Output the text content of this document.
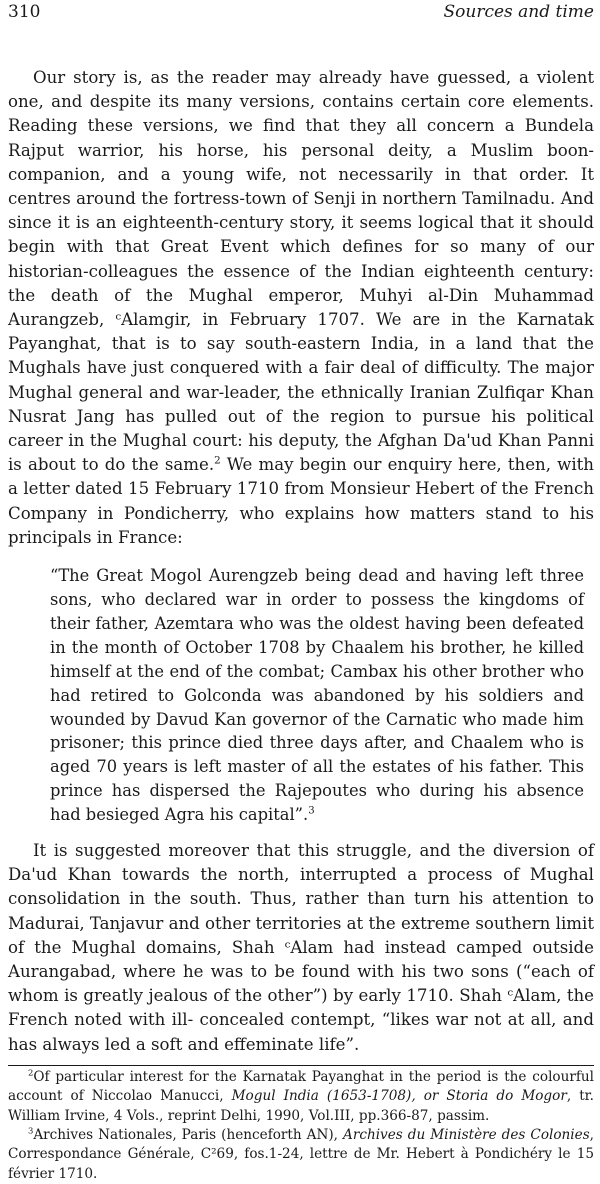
310	Sources and time

Our story is, as the reader may already have guessed, a violent one, and despite its many versions, contains certain core elements. Reading these versions, we find that they all concern a Bundela Rajput warrior, his horse, his personal deity, a Muslim boon-companion, and a young wife, not necessarily in that order. It centres around the fortress-town of Senji in northern Tamilnadu. And since it is an eighteenth-century story, it seems logical that it should begin with that Great Event which defines for so many of our historian-colleagues the essence of the Indian eighteenth century: the death of the Mughal emperor, Muhyi al-Din Muhammad Aurangzeb, ᶜAlamgir, in February 1707. We are in the Karnatak Payanghat, that is to say south-eastern India, in a land that the Mughals have just conquered with a fair deal of difficulty. The major Mughal general and war-leader, the ethnically Iranian Zulfiqar Khan Nusrat Jang has pulled out of the region to pursue his political career in the Mughal court: his deputy, the Afghan Da'ud Khan Panni is about to do the same.$^2$ We may begin our enquiry here, then, with a letter dated 15 February 1710 from Monsieur Hebert of the French Company in Pondicherry, who explains how matters stand to his principals in France:

“The Great Mogol Aurengzeb being dead and having left three sons, who declared war in order to possess the kingdoms of their father, Azemtara who was the oldest having been defeated in the month of October 1708 by Chaalem his brother, he killed himself at the end of the combat; Cambax his other brother who had retired to Golconda was abandoned by his soldiers and wounded by Davud Kan governor of the Carnatic who made him prisoner; this prince died three days after, and Chaalem who is aged 70 years is left master of all the estates of his father. This prince has dispersed the Rajepoutes who during his absence had besieged Agra his capital”.$^3$

It is suggested moreover that this struggle, and the diversion of Da'ud Khan towards the north, interrupted a process of Mughal consolidation in the south. Thus, rather than turn his attention to Madurai, Tanjavur and other territories at the extreme southern limit of the Mughal domains, Shah ᶜAlam had instead camped outside Aurangabad, where he was to be found with his two sons (“each of whom is greatly jealous of the other”) by early 1710. Shah ᶜAlam, the French noted with ill- concealed contempt, “likes war not at all, and has always led a soft and effeminate life”.

$^2$Of particular interest for the Karnatak Payanghat in the period is the colourful account of Niccolao Manucci, Mogul India (1653-1708), or Storia do Mogor, tr. William Irvine, 4 Vols., reprint Delhi, 1990, Vol.III, pp.366-87, passim.

$^3$Archives Nationales, Paris (henceforth AN), Archives du Ministère des Colonies, Correspondance Générale, C²69, fos.1-24, lettre de Mr. Hebert à Pondichéry le 15 février 1710.
